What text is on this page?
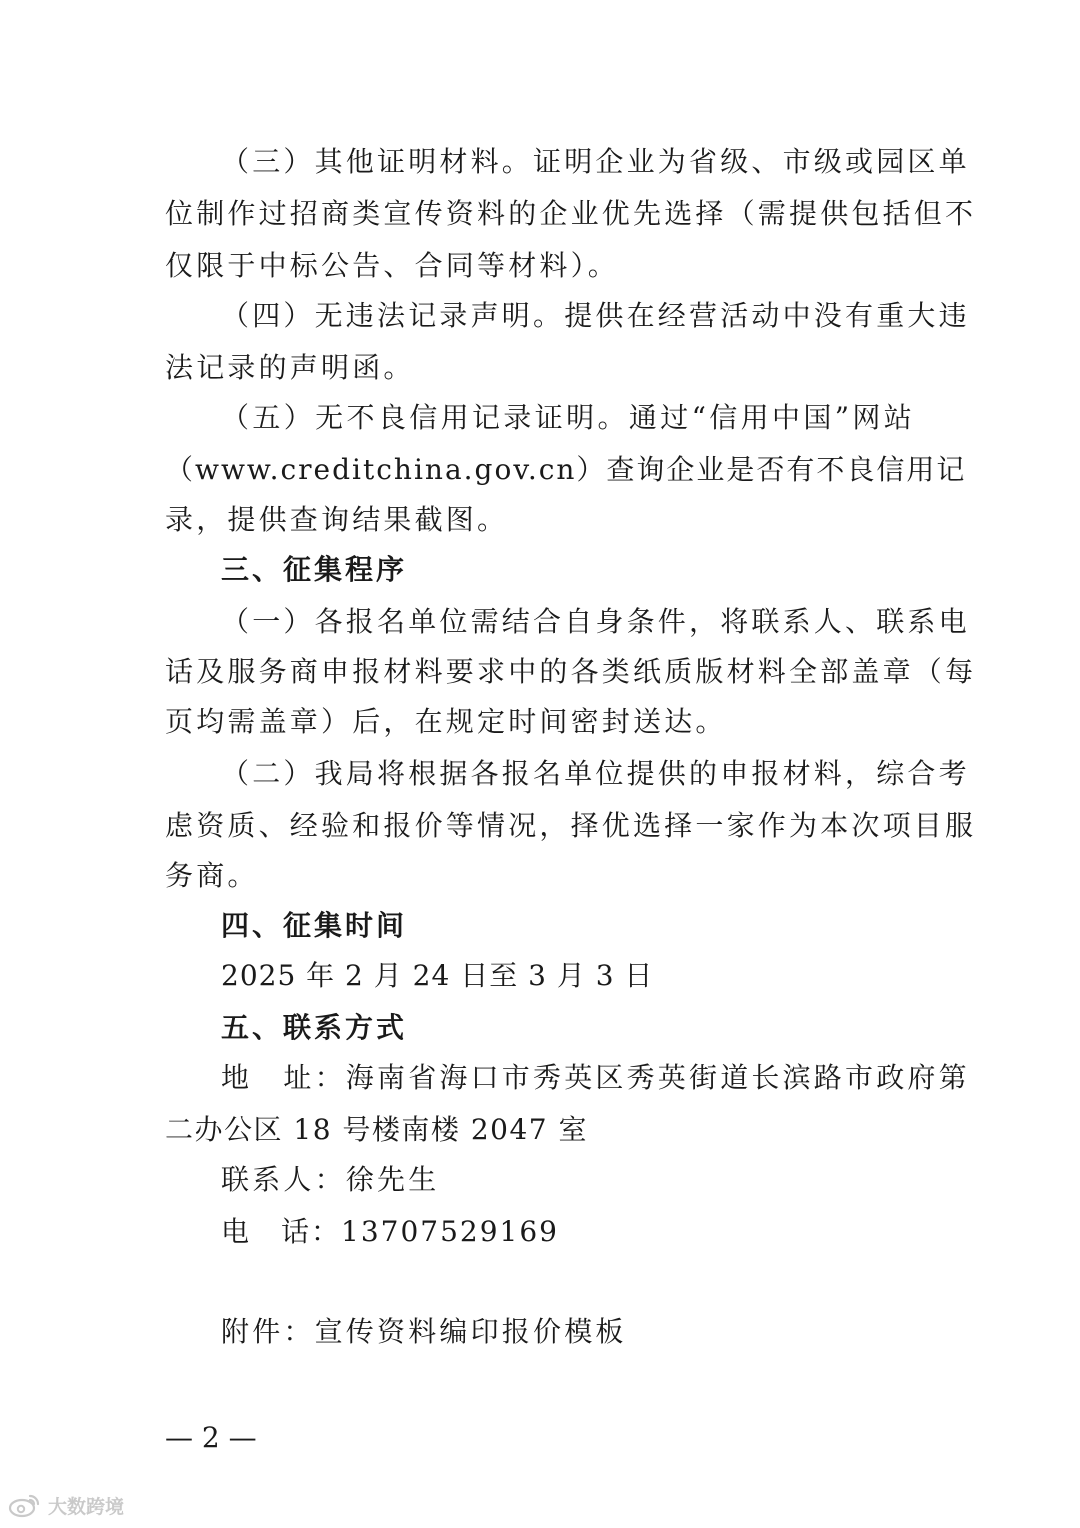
（三）其他证明材料。证明企业为省级、市级或园区单
位制作过招商类宣传资料的企业优先选择（需提供包括但不
仅限于中标公告、合同等材料）。
（四）无违法记录声明。提供在经营活动中没有重大违
法记录的声明函。
（五）无不良信用记录证明。通过“信用中国”网站
（www.creditchina.gov.cn）查询企业是否有不良信用记
录，提供查询结果截图。
三、征集程序
（一）各报名单位需结合自身条件，将联系人、联系电
话及服务商申报材料要求中的各类纸质版材料全部盖章（每
页均需盖章）后，在规定时间密封送达。
（二）我局将根据各报名单位提供的申报材料，综合考
虑资质、经验和报价等情况，择优选择一家作为本次项目服
务商。
四、征集时间
2025 年 2 月 24 日至 3 月 3 日
五、联系方式
地　址：海南省海口市秀英区秀英街道长滨路市政府第
二办公区 18 号楼南楼 2047 室
联系人：徐先生
电　话：13707529169
附件：宣传资料编印报价模板
— 2 —
大数跨境
